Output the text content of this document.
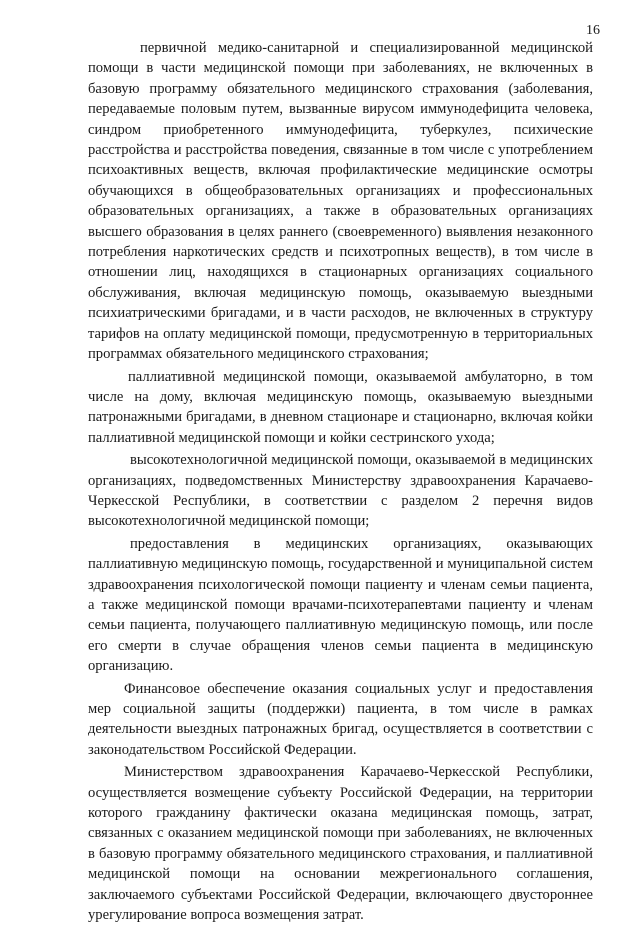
16

первичной медико-санитарной и специализированной медицинской помощи в части медицинской помощи при заболеваниях, не включенных в базовую программу обязательного медицинского страхования (заболевания, передаваемые половым путем, вызванные вирусом иммунодефицита человека, синдром приобретенного иммунодефицита, туберкулез, психические расстройства и расстройства поведения, связанные в том числе с употреблением психоактивных веществ, включая профилактические медицинские осмотры обучающихся в общеобразовательных организациях и профессиональных образовательных организациях, а также в образовательных организациях высшего образования в целях раннего (своевременного) выявления незаконного потребления наркотических средств и психотропных веществ), в том числе в отношении лиц, находящихся в стационарных организациях социального обслуживания, включая медицинскую помощь, оказываемую выездными психиатрическими бригадами, и в части расходов, не включенных в структуру тарифов на оплату медицинской помощи, предусмотренную в территориальных программах обязательного медицинского страхования;

паллиативной медицинской помощи, оказываемой амбулаторно, в том числе на дому, включая медицинскую помощь, оказываемую выездными патронажными бригадами, в дневном стационаре и стационарно, включая койки паллиативной медицинской помощи и койки сестринского ухода;

высокотехнологичной медицинской помощи, оказываемой в медицинских организациях, подведомственных Министерству здравоохранения Карачаево-Черкесской Республики, в соответствии с разделом 2 перечня видов высокотехнологичной медицинской помощи;

предоставления в медицинских организациях, оказывающих паллиативную медицинскую помощь, государственной и муниципальной систем здравоохранения психологической помощи пациенту и членам семьи пациента, а также медицинской помощи врачами-психотерапевтами пациенту и членам семьи пациента, получающего паллиативную медицинскую помощь, или после его смерти в случае обращения членов семьи пациента в медицинскую организацию.

Финансовое обеспечение оказания социальных услуг и предоставления мер социальной защиты (поддержки) пациента, в том числе в рамках деятельности выездных патронажных бригад, осуществляется в соответствии с законодательством Российской Федерации.

Министерством здравоохранения Карачаево-Черкесской Республики, осуществляется возмещение субъекту Российской Федерации, на территории которого гражданину фактически оказана медицинская помощь, затрат, связанных с оказанием медицинской помощи при заболеваниях, не включенных в базовую программу обязательного медицинского страхования, и паллиативной медицинской помощи на основании межрегионального соглашения, заключаемого субъектами Российской Федерации, включающего двустороннее урегулирование вопроса возмещения затрат.
